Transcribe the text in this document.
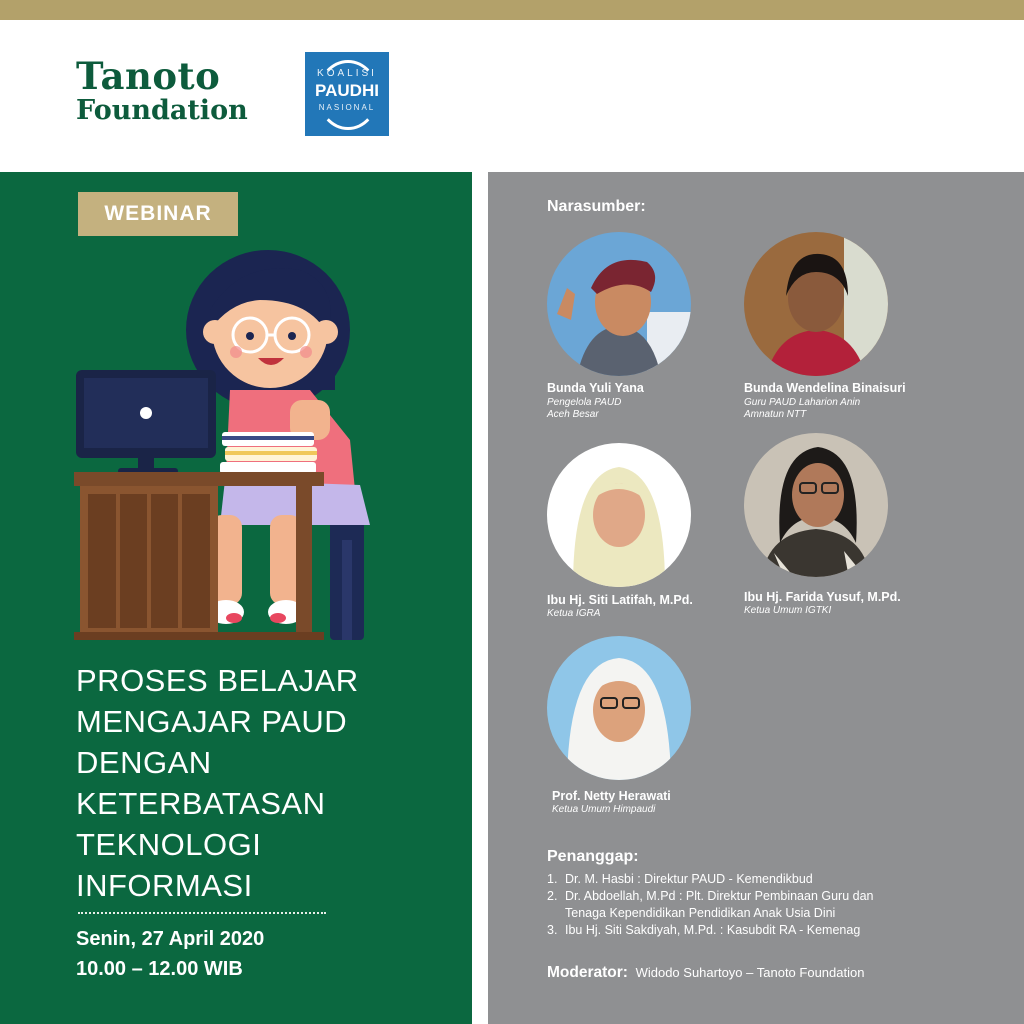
Tanoto
Foundation
KOALISI
PAUDHI
NASIONAL
WEBINAR
PROSES BELAJAR
MENGAJAR PAUD
DENGAN
KETERBATASAN
TEKNOLOGI
INFORMASI
Senin, 27 April 2020
10.00 – 12.00 WIB
Narasumber:
Bunda Yuli Yana
Pengelola PAUD
Aceh Besar
Bunda Wendelina Binaisuri
Guru PAUD Laharion Anin
Amnatun NTT
Ibu Hj. Siti Latifah, M.Pd.
Ketua IGRA
Ibu Hj. Farida Yusuf, M.Pd.
Ketua Umum IGTKI
Prof. Netty Herawati
Ketua Umum Himpaudi
Penanggap:
1. Dr. M. Hasbi : Direktur PAUD - Kemendikbud
2. Dr. Abdoellah, M.Pd : Plt. Direktur Pembinaan Guru dan
Tenaga Kependidikan Pendidikan Anak Usia Dini
3. Ibu Hj. Siti Sakdiyah, M.Pd. : Kasubdit RA - Kemenag
Moderator: Widodo Suhartoyo – Tanoto Foundation
